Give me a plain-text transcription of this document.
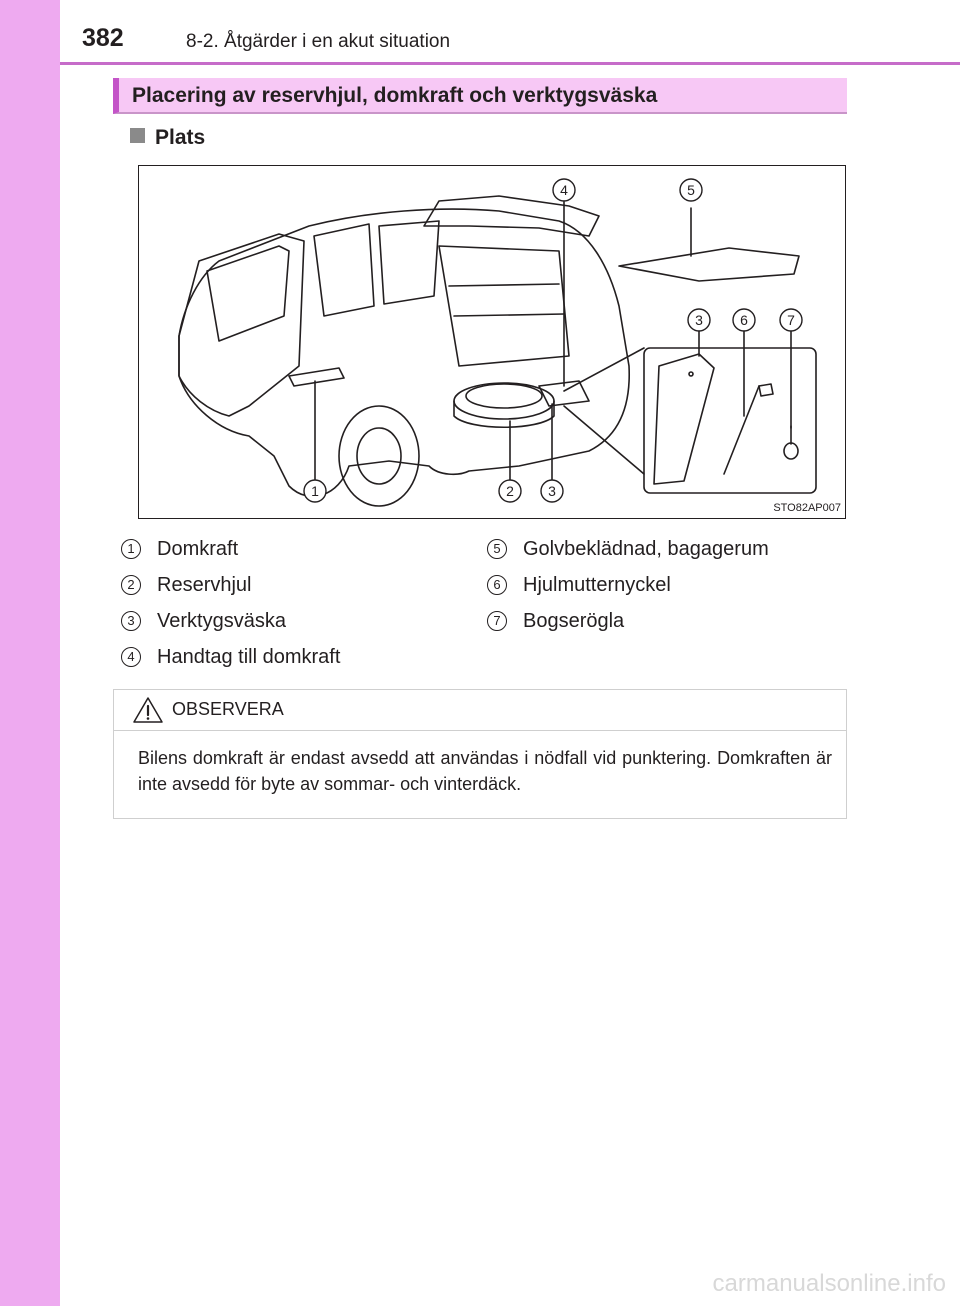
382	8-2. Åtgärder i en akut situation
Placering av reservhjul, domkraft och verktygsväska
Plats
1	2 3
4	5
3	6	7
STO82AP007
1	Domkraft
2	Reservhjul
3	Verktygsväska
4	Handtag till domkraft
5	Golvbeklädnad, bagagerum
6	Hjulmutternyckel
7	Bogserögla
OBSERVERA
Bilens domkraft är endast avsedd att användas i nödfall vid punktering. Domkraften är inte avsedd för byte av sommar- och vinterdäck.
carmanualsonline.info
